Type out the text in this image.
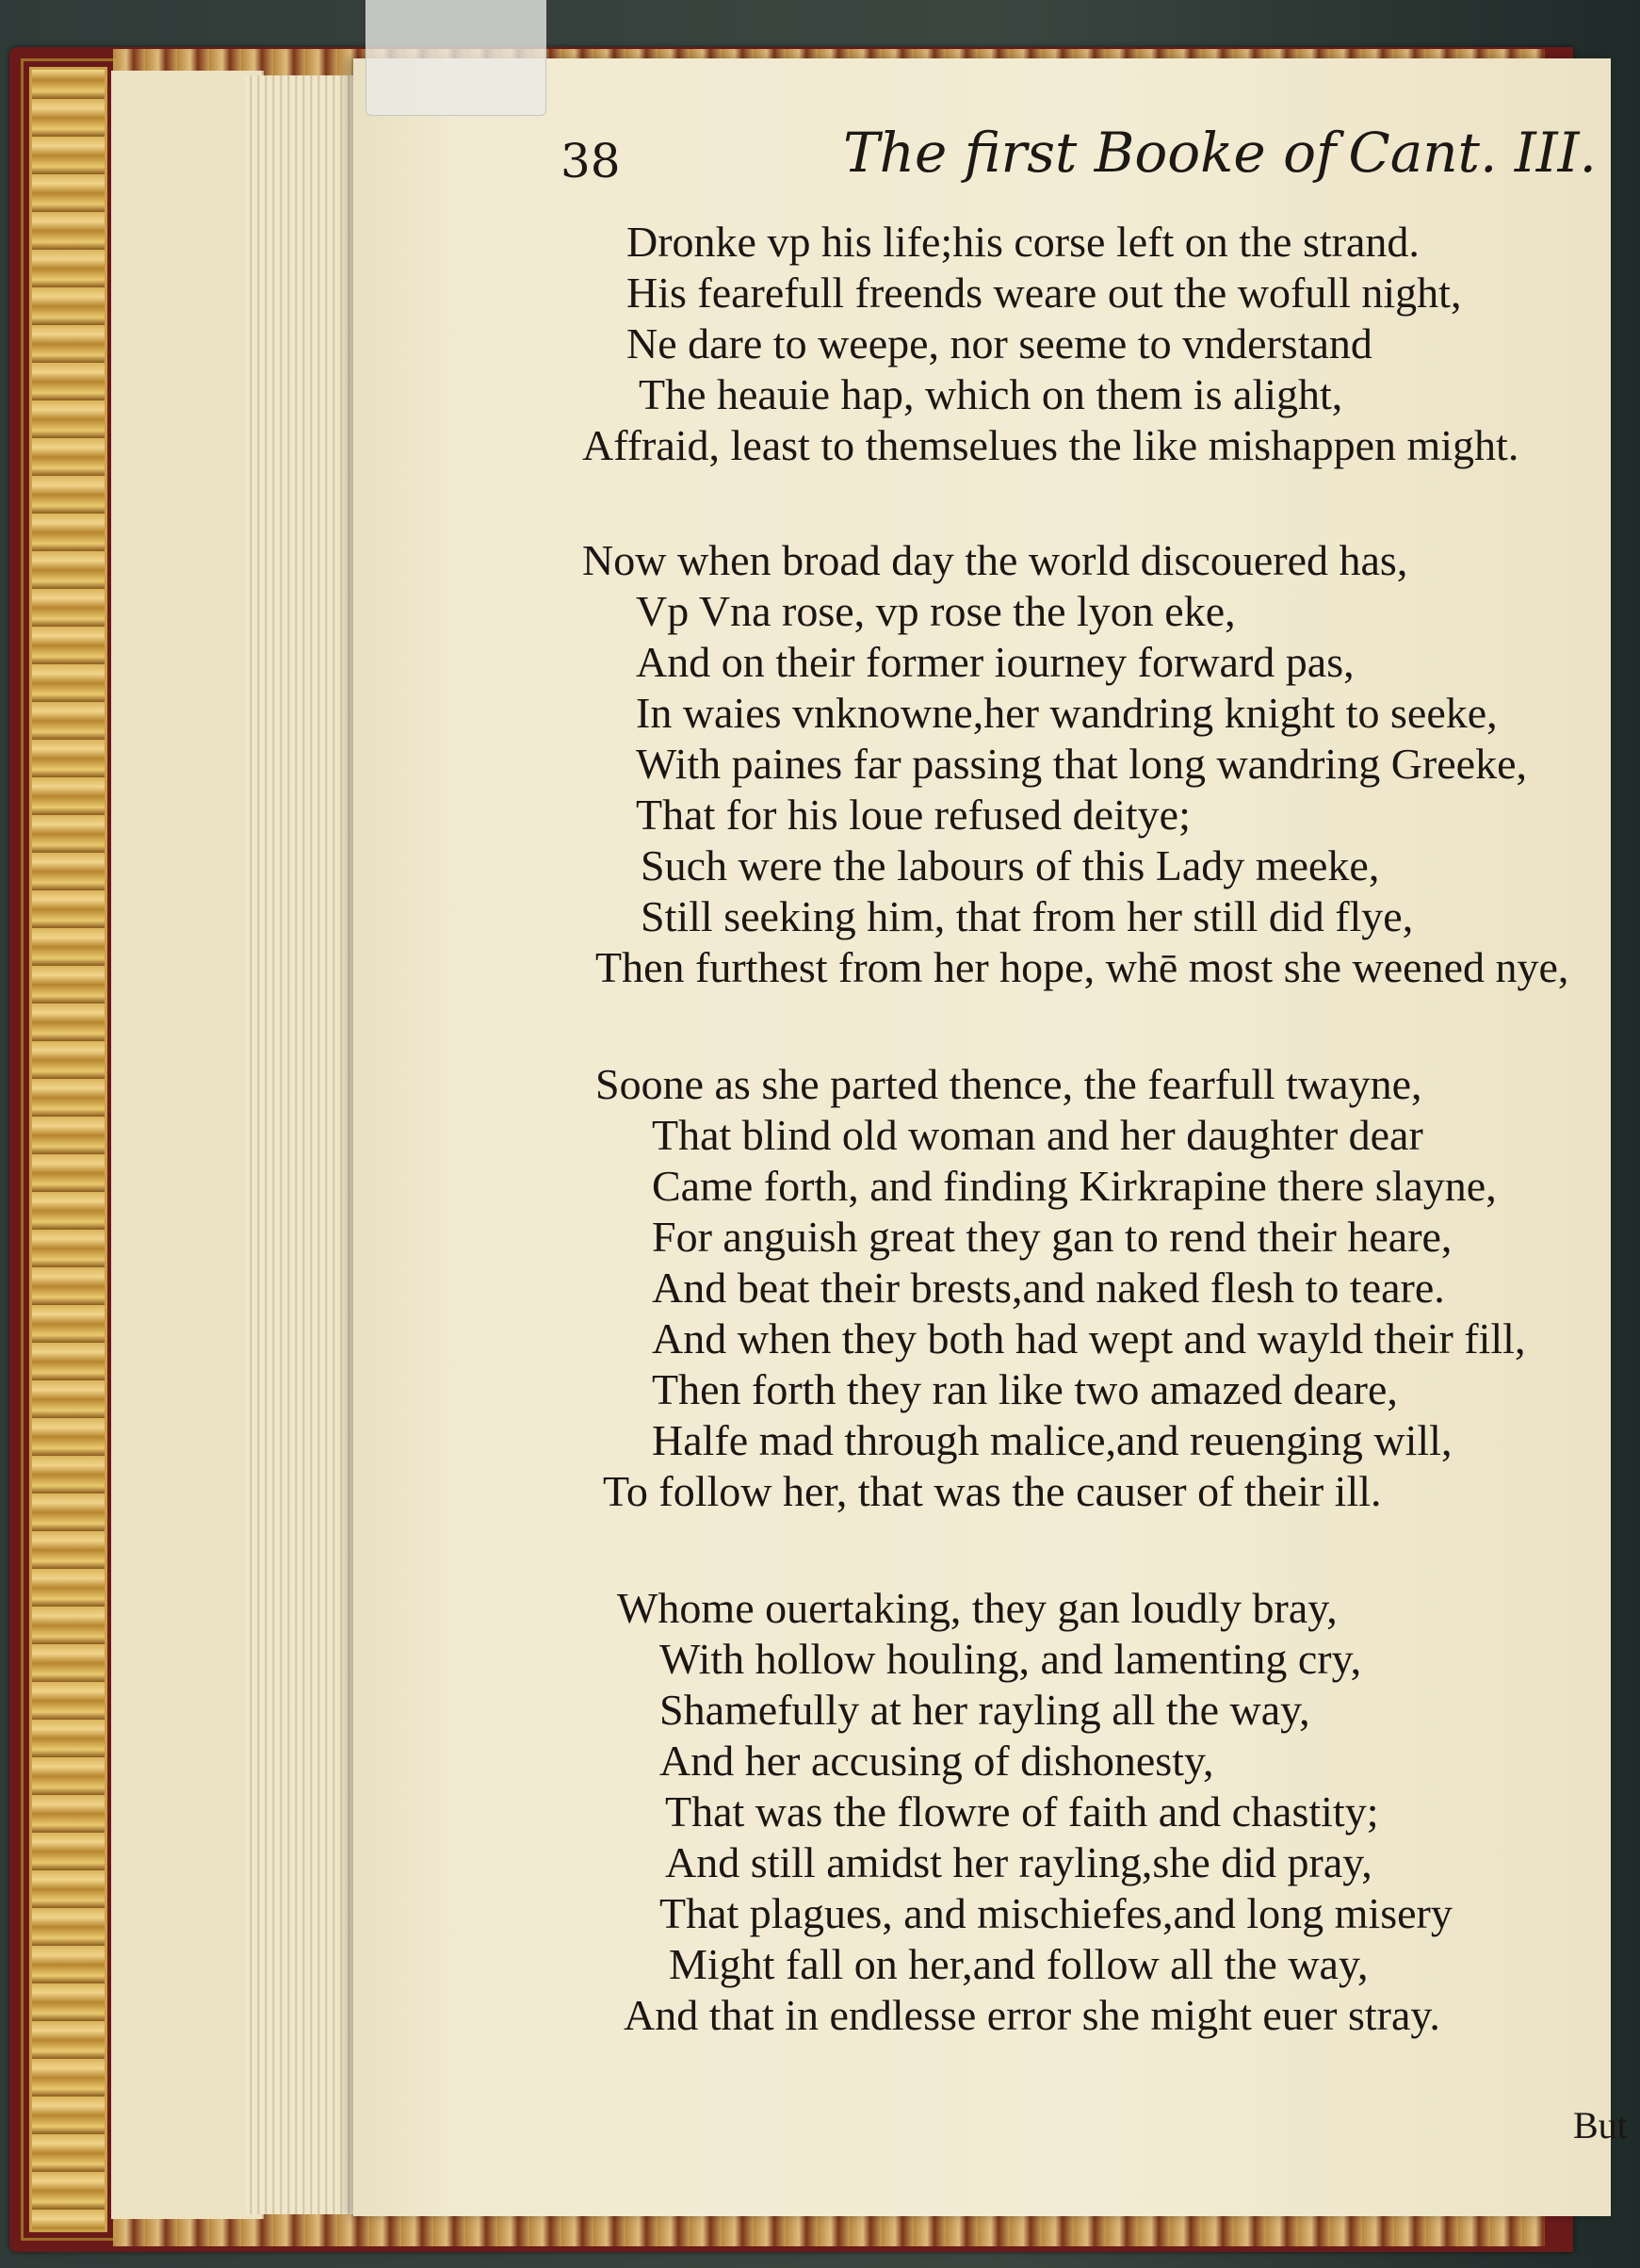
38	The first Booke of Cant. III.
Dronke vp his life;his corse left on the strand.
His fearefull freends weare out the wofull night,
Ne dare to weepe, nor seeme to vnderstand
The heauie hap, which on them is alight,
Affraid, least to themselues the like mishappen might.
Now when broad day the world discouered has,
Vp Vna rose, vp rose the lyon eke,
And on their former iourney forward pas,
In waies vnknowne,her wandring knight to seeke,
With paines far passing that long wandring Greeke,
That for his loue refused deitye;
Such were the labours of this Lady meeke,
Still seeking him, that from her still did flye,
Then furthest from her hope, whē most she weened nye,
Soone as she parted thence, the fearfull twayne,
That blind old woman and her daughter dear
Came forth, and finding Kirkrapine there slayne,
For anguish great they gan to rend their heare,
And beat their brests,and naked flesh to teare.
And when they both had wept and wayld their fill,
Then forth they ran like two amazed deare,
Halfe mad through malice,and reuenging will,
To follow her, that was the causer of their ill.
Whome ouertaking, they gan loudly bray,
With hollow houling, and lamenting cry,
Shamefully at her rayling all the way,
And her accusing of dishonesty,
That was the flowre of faith and chastity;
And still amidst her rayling,she did pray,
That plagues, and mischiefes,and long misery
Might fall on her,and follow all the way,
And that in endlesse error she might euer stray.
But
